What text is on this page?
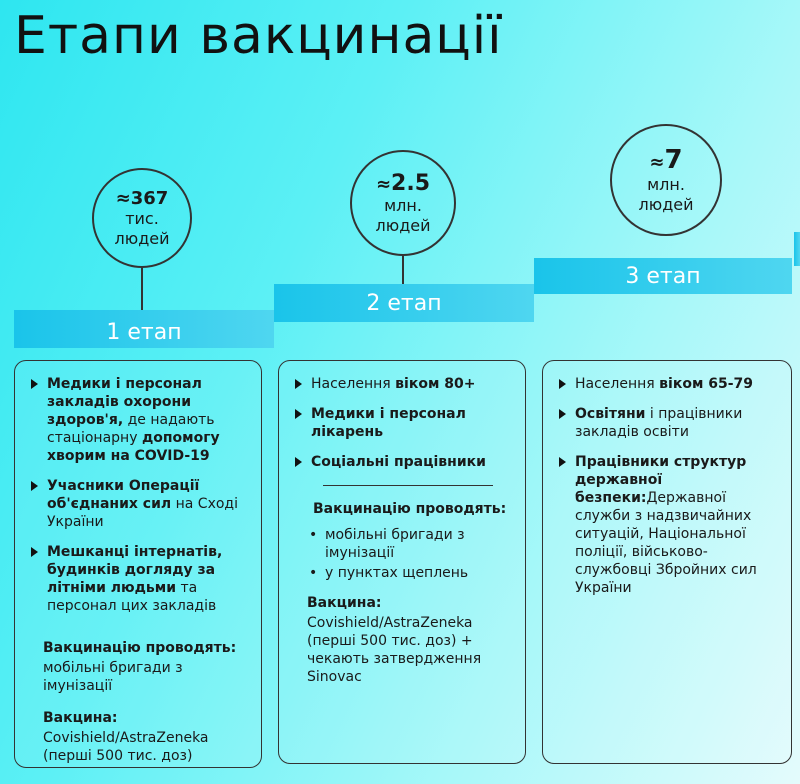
Етапи вакцинації
≈367
тис.
людей
≈2.5
млн.
людей
≈7
млн.
людей
1 етап
2 етап
3 етап
Медики і персонал закладів охорони здоров'я, де надають стаціонарну допомогу хворим на COVID-19
Учасники Операції об'єднаних сил на Сході України
Мешканці інтернатів, будинків догляду за літніми людьми та персонал цих закладів
Вакцинацію проводять:
мобільні бригади з імунізації
Вакцина:
Covishield/AstraZeneka (перші 500 тис. доз)
Населення віком 80+
Медики і персонал лікарень
Соціальні працівники
Вакцинацію проводять:
• мобільні бригади з імунізації
• у пунктах щеплень
Вакцина:
Covishield/AstraZeneka (перші 500 тис. доз) + чекають затвердження Sinovac
Населення віком 65-79
Освітяни і працівники закладів освіти
Працівники структур державної безпеки:Державної служби з надзвичайних ситуацій, Національної поліції, військово-службовці Збройних сил України
